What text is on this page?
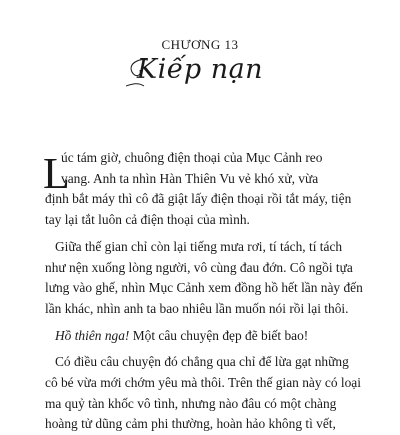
CHƯƠNG 13
Kiếp nạn
L
úc tám giờ, chuông điện thoại của Mục Cảnh reo
vang. Anh ta nhìn Hàn Thiên Vu vẻ khó xử, vừa
định bắt máy thì cô đã giật lấy điện thoại rồi tắt máy, tiện
tay lại tắt luôn cả điện thoại của mình.
Giữa thế gian chỉ còn lại tiếng mưa rơi, tí tách, tí tách
như nện xuống lòng người, vô cùng đau đớn. Cô ngồi tựa
lưng vào ghế, nhìn Mục Cảnh xem đồng hồ hết lần này đến
lần khác, nhìn anh ta bao nhiêu lần muốn nói rồi lại thôi.
Hồ thiên nga! Một câu chuyện đẹp đẽ biết bao!
Có điều câu chuyện đó chẳng qua chỉ để lừa gạt những
cô bé vừa mới chớm yêu mà thôi. Trên thế gian này có loại
ma quỷ tàn khốc vô tình, nhưng nào đâu có một chàng
hoàng tử dũng cảm phi thường, hoàn hảo không tì vết,
